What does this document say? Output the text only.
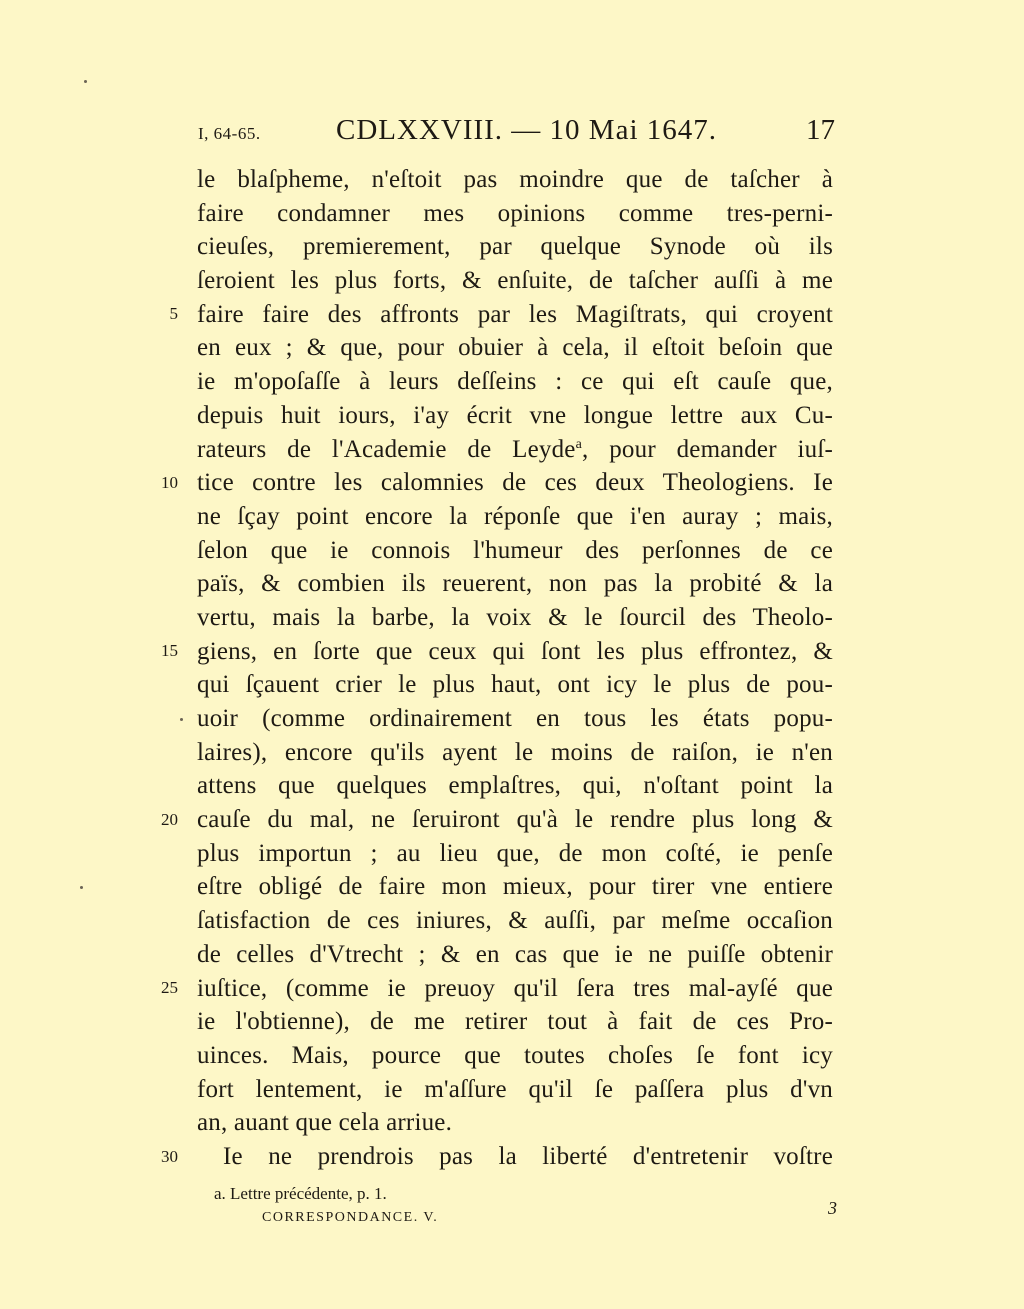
I, 64-65.	CDLXXVIII. — 10 Mai 1647.	17
le blaſpheme, n'eſtoit pas moindre que de taſcher à
faire condamner mes opinions comme tres-perni-
cieuſes, premierement, par quelque Synode où ils
ſeroient les plus forts, & enſuite, de taſcher auſſi à me
faire faire des affronts par les Magiſtrats, qui croyent
en eux ; & que, pour obuier à cela, il eſtoit beſoin que
ie m'opoſaſſe à leurs deſſeins : ce qui eſt cauſe que,
depuis huit iours, i'ay écrit vne longue lettre aux Cu-
rateurs de l'Academie de Leyde$^a$, pour demander iuſ-
tice contre les calomnies de ces deux Theologiens. Ie
ne ſçay point encore la réponſe que i'en auray ; mais,
ſelon que ie connois l'humeur des perſonnes de ce
païs, & combien ils reuerent, non pas la probité & la
vertu, mais la barbe, la voix & le ſourcil des Theolo-
giens, en ſorte que ceux qui ſont les plus effrontez, &
qui ſçauent crier le plus haut, ont icy le plus de pou-
uoir (comme ordinairement en tous les états popu-
laires), encore qu'ils ayent le moins de raiſon, ie n'en
attens que quelques emplaſtres, qui, n'oſtant point la
cauſe du mal, ne ſeruiront qu'à le rendre plus long &
plus importun ; au lieu que, de mon coſté, ie penſe
eſtre obligé de faire mon mieux, pour tirer vne entiere
ſatisfaction de ces iniures, & auſſi, par meſme occaſion
de celles d'Vtrecht ; & en cas que ie ne puiſſe obtenir
iuſtice, (comme ie preuoy qu'il ſera tres mal-ayſé que
ie l'obtienne), de me retirer tout à fait de ces Pro-
uinces. Mais, pource que toutes choſes ſe font icy
fort lentement, ie m'aſſure qu'il ſe paſſera plus d'vn
an, auant que cela arriue.
Ie ne prendrois pas la liberté d'entretenir voſtre
5
10
15
20
25
30
a. Lettre précédente, p. 1.
CORRESPONDANCE. V.	3
